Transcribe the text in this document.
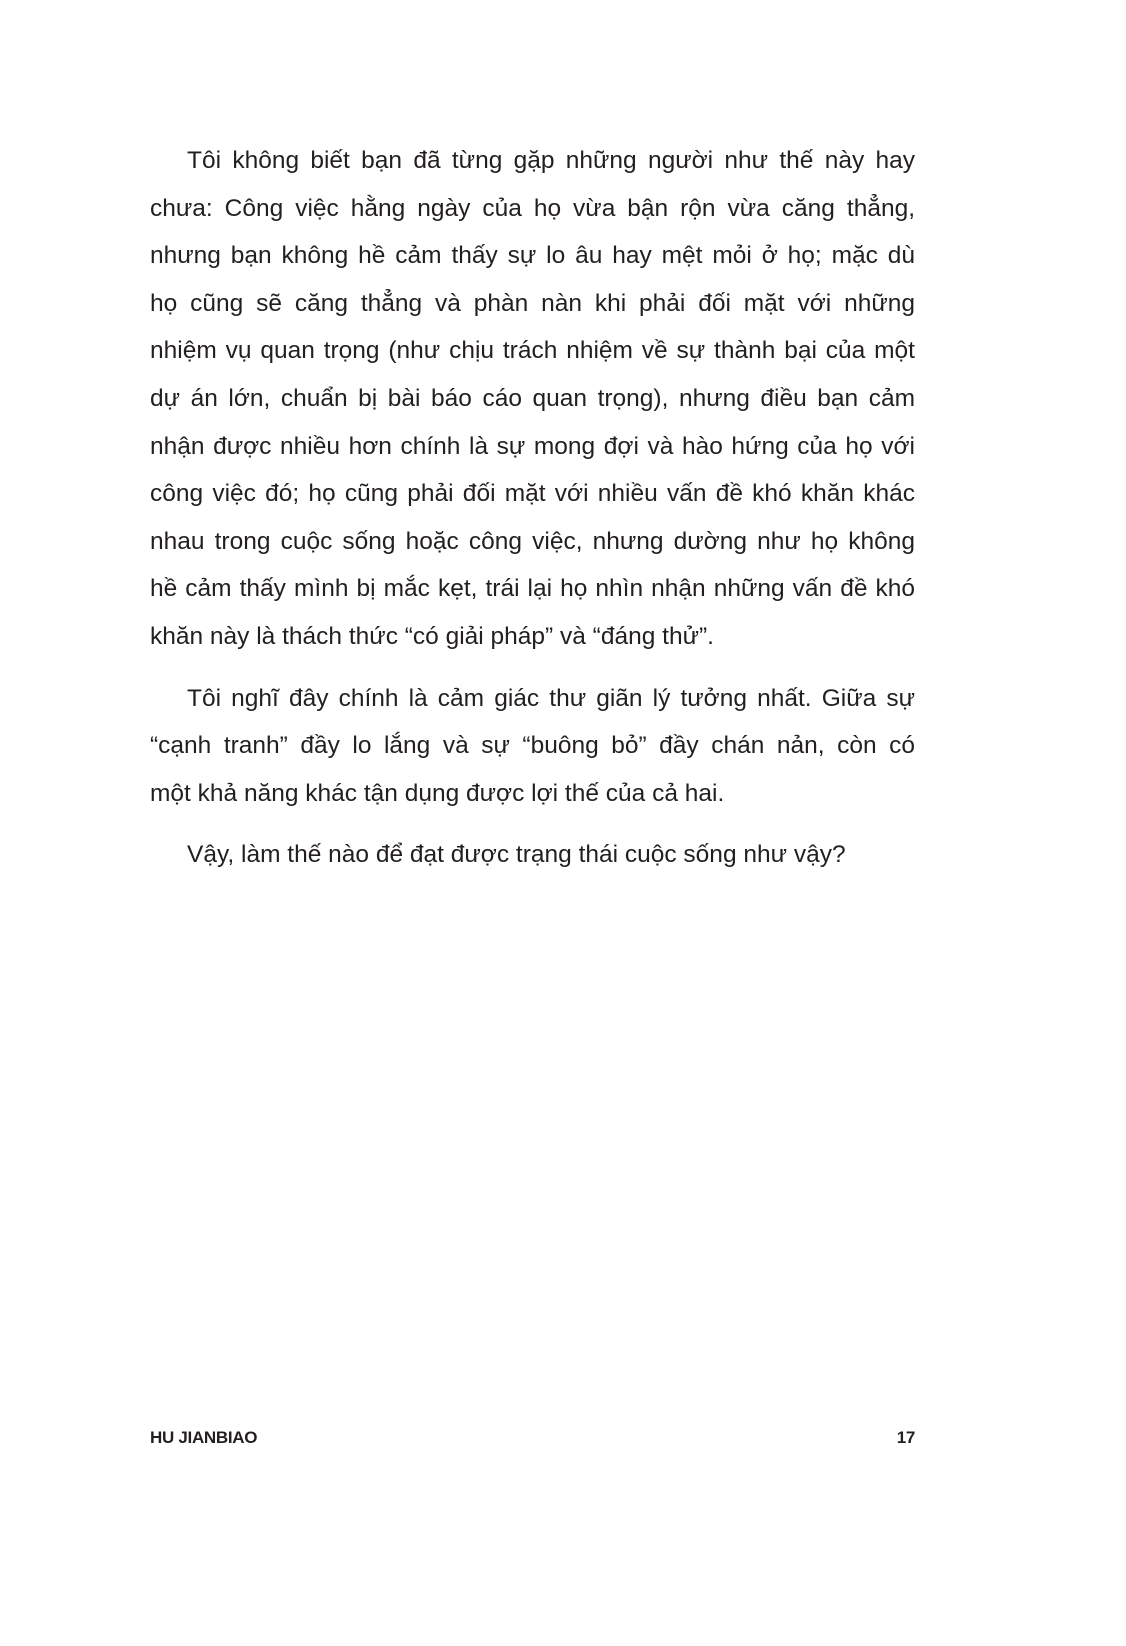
Tôi không biết bạn đã từng gặp những người như thế này hay
chưa: Công việc hằng ngày của họ vừa bận rộn vừa căng thẳng,
nhưng bạn không hề cảm thấy sự lo âu hay mệt mỏi ở họ; mặc dù
họ cũng sẽ căng thẳng và phàn nàn khi phải đối mặt với những
nhiệm vụ quan trọng (như chịu trách nhiệm về sự thành bại của một
dự án lớn, chuẩn bị bài báo cáo quan trọng), nhưng điều bạn cảm
nhận được nhiều hơn chính là sự mong đợi và hào hứng của họ với
công việc đó; họ cũng phải đối mặt với nhiều vấn đề khó khăn khác
nhau trong cuộc sống hoặc công việc, nhưng dường như họ không
hề cảm thấy mình bị mắc kẹt, trái lại họ nhìn nhận những vấn đề khó
khăn này là thách thức “có giải pháp” và “đáng thử”.
Tôi nghĩ đây chính là cảm giác thư giãn lý tưởng nhất. Giữa sự
“cạnh tranh” đầy lo lắng và sự “buông bỏ” đầy chán nản, còn có
một khả năng khác tận dụng được lợi thế của cả hai.
Vậy, làm thế nào để đạt được trạng thái cuộc sống như vậy?
HU JIANBIAO	17
